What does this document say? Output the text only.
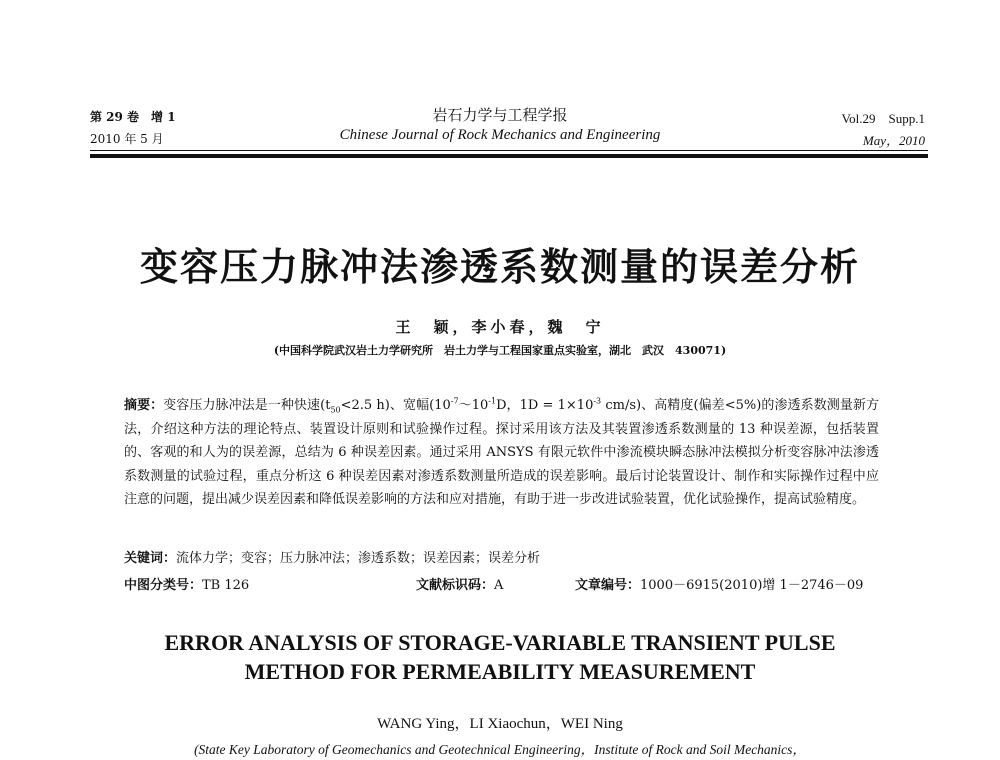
第 29 卷　增 1
2010 年 5 月
岩石力学与工程学报
Chinese Journal of Rock Mechanics and Engineering
Vol.29　Supp.1
May，2010
变容压力脉冲法渗透系数测量的误差分析
王　颖，李小春，魏　宁
(中国科学院武汉岩土力学研究所　岩土力学与工程国家重点实验室，湖北　武汉　430071)
摘要：变容压力脉冲法是一种快速($t_{50}<2.5$ h)、宽幅($10^{-7}\sim 10^{-1}D$，$1D = 1\times 10^{-3}$ cm/s)、高精度(偏差<5%)的渗透系数测量新方法，介绍这种方法的理论特点、装置设计原则和试验操作过程。探讨采用该方法及其装置渗透系数测量的 13 种误差源，包括装置的、客观的和人为的误差源，总结为 6 种误差因素。通过采用 ANSYS 有限元软件中渗流模块瞬态脉冲法模拟分析变容脉冲法渗透系数测量的试验过程，重点分析这 6 种误差因素对渗透系数测量所造成的误差影响。最后讨论装置设计、制作和实际操作过程中应注意的问题，提出减少误差因素和降低误差影响的方法和应对措施，有助于进一步改进试验装置，优化试验操作，提高试验精度。
关键词：流体力学；变容；压力脉冲法；渗透系数；误差因素；误差分析
中图分类号：TB 126	文献标识码：A	文章编号：1000－6915(2010)增 1－2746－09
ERROR ANALYSIS OF STORAGE-VARIABLE TRANSIENT PULSE
METHOD FOR PERMEABILITY MEASUREMENT
WANG Ying，LI Xiaochun，WEI Ning
(State Key Laboratory of Geomechanics and Geotechnical Engineering，Institute of Rock and Soil Mechanics，
